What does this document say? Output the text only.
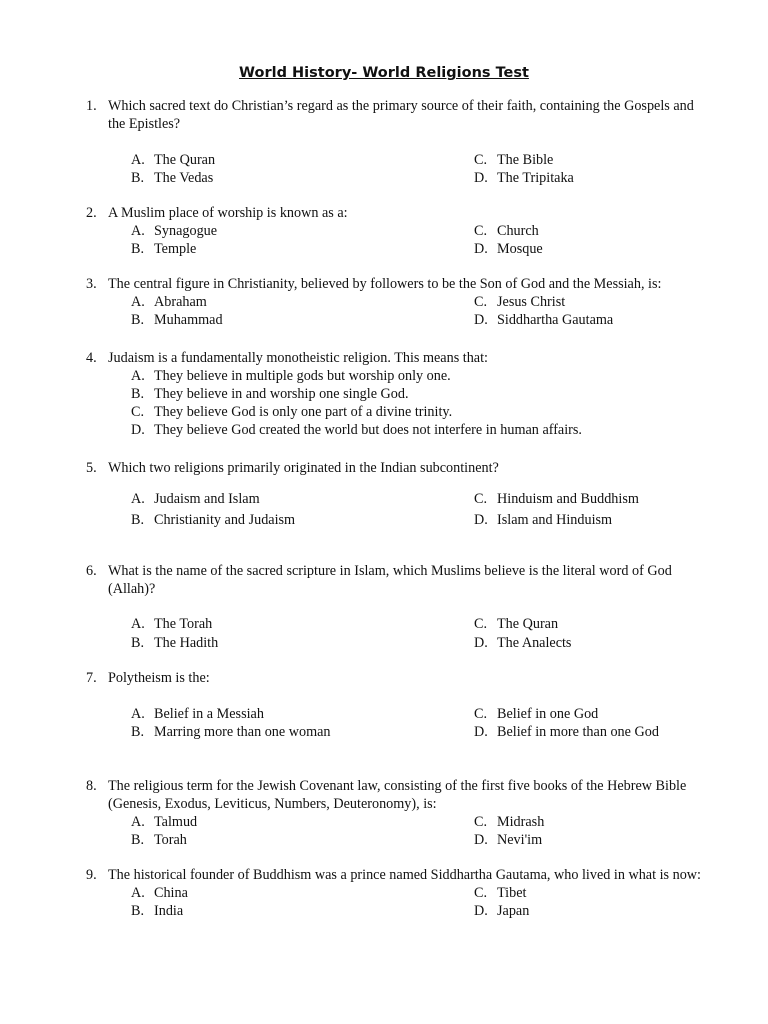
World History- World Religions Test
1. Which sacred text do Christian’s regard as the primary source of their faith, containing the Gospels and the Epistles?
A. The Quran
B. The Vedas
C. The Bible
D. The Tripitaka
2. A Muslim place of worship is known as a:
A. Synagogue
B. Temple
C. Church
D. Mosque
3. The central figure in Christianity, believed by followers to be the Son of God and the Messiah, is:
A. Abraham
B. Muhammad
C. Jesus Christ
D. Siddhartha Gautama
4. Judaism is a fundamentally monotheistic religion. This means that:
A. They believe in multiple gods but worship only one.
B. They believe in and worship one single God.
C. They believe God is only one part of a divine trinity.
D. They believe God created the world but does not interfere in human affairs.
5. Which two religions primarily originated in the Indian subcontinent?
A. Judaism and Islam
B. Christianity and Judaism
C. Hinduism and Buddhism
D. Islam and Hinduism
6. What is the name of the sacred scripture in Islam, which Muslims believe is the literal word of God (Allah)?
A. The Torah
B. The Hadith
C. The Quran
D. The Analects
7. Polytheism is the:
A. Belief in a Messiah
B. Marring more than one woman
C. Belief in one God
D. Belief in more than one God
8. The religious term for the Jewish Covenant law, consisting of the first five books of the Hebrew Bible (Genesis, Exodus, Leviticus, Numbers, Deuteronomy), is:
A. Talmud
B. Torah
C. Midrash
D. Nevi'im
9. The historical founder of Buddhism was a prince named Siddhartha Gautama, who lived in what is now:
A. China
B. India
C. Tibet
D. Japan
